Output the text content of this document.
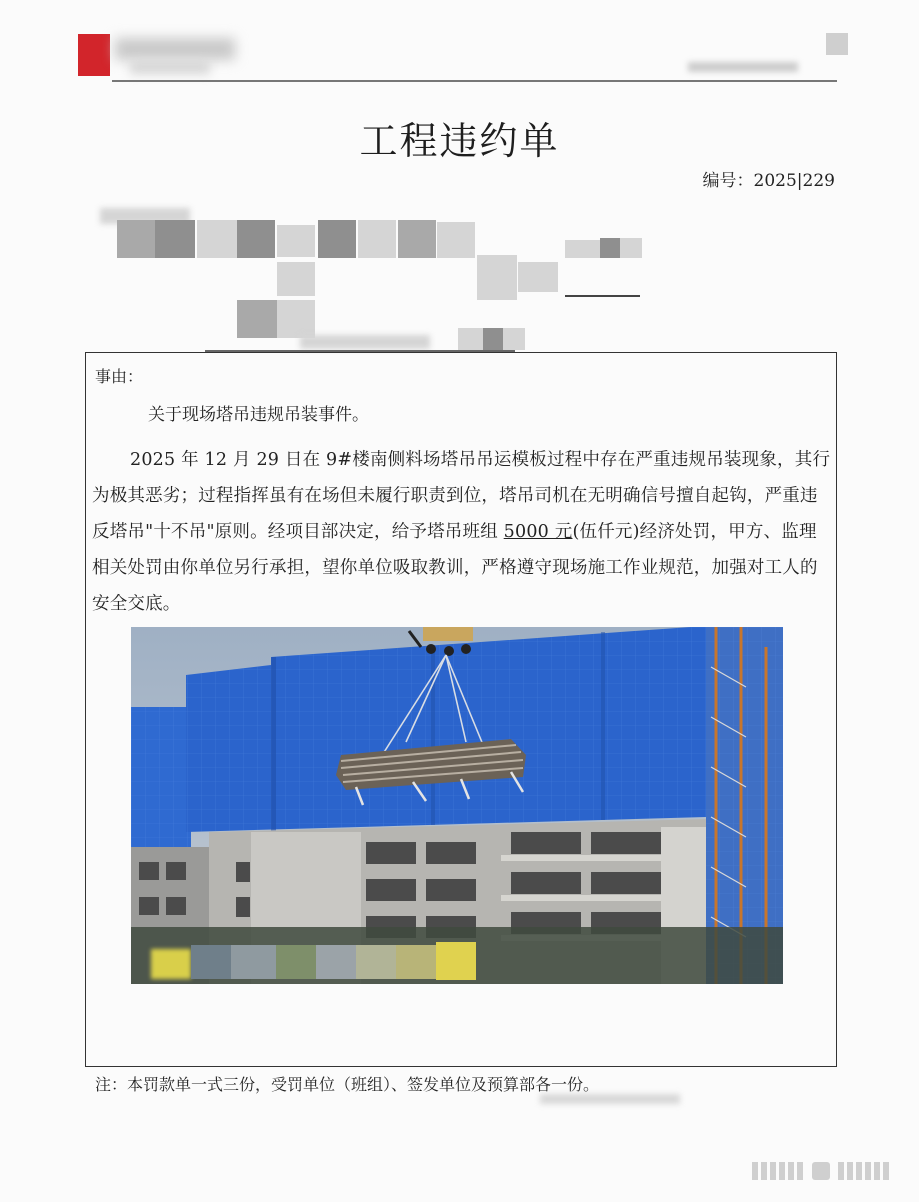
工程违约单
编号：2025|229
事由：
关于现场塔吊违规吊装事件。
2025 年 12 月 29 日在 9#楼南侧料场塔吊吊运模板过程中存在严重违规吊装现象，其行为极其恶劣；过程指挥虽有在场但未履行职责到位，塔吊司机在无明确信号擅自起钩，严重违反塔吊"十不吊"原则。经项目部决定，给予塔吊班组 5000 元(伍仟元)经济处罚，甲方、监理相关处罚由你单位另行承担，望你单位吸取教训，严格遵守现场施工作业规范，加强对工人的安全交底。
注：本罚款单一式三份，受罚单位（班组）、签发单位及预算部各一份。
